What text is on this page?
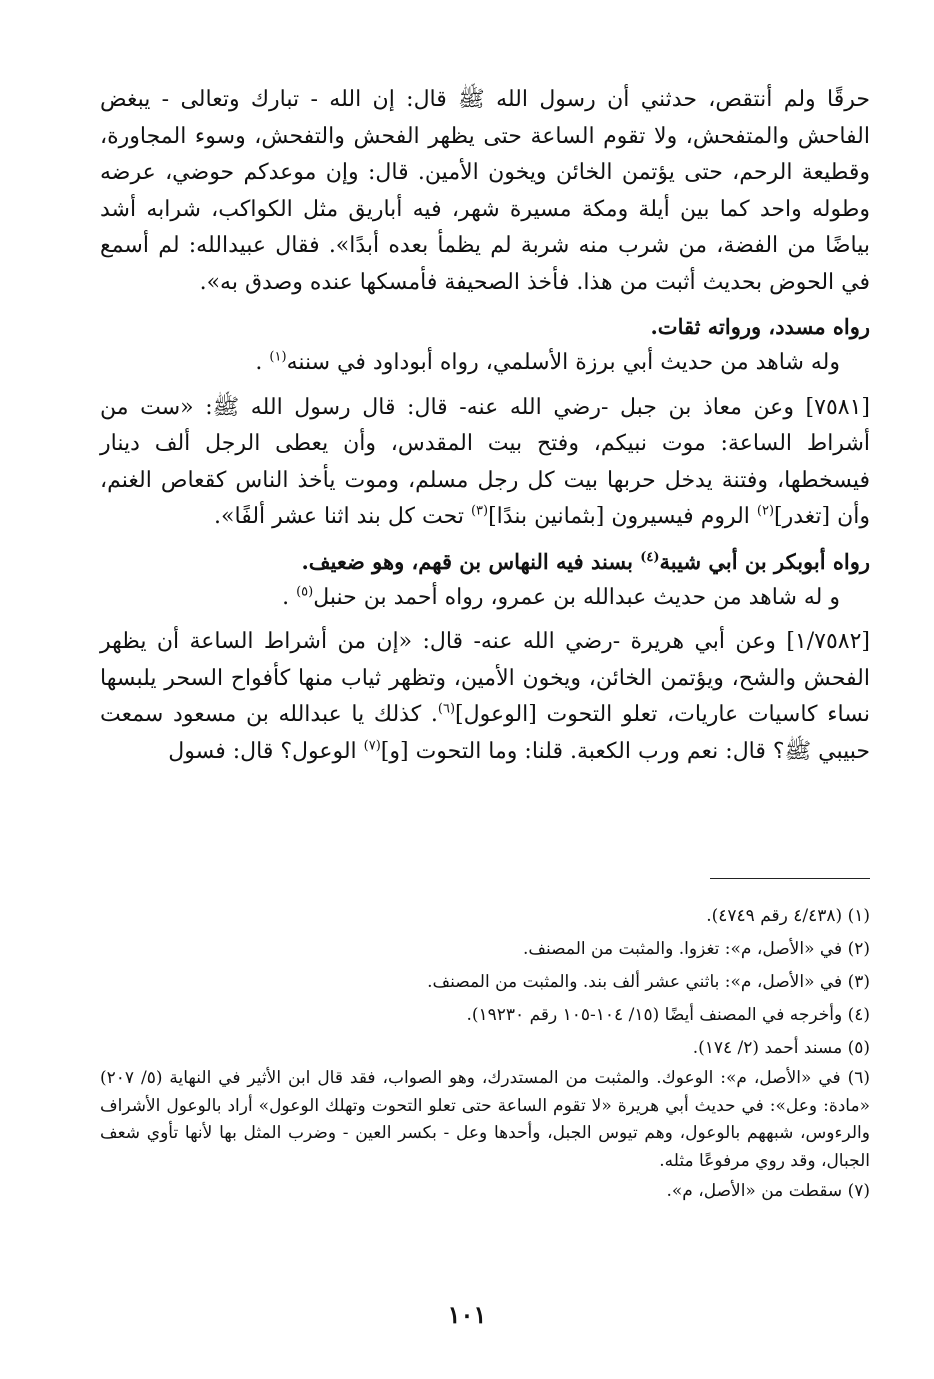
حرقًا ولم أنتقص، حدثني أن رسول الله ﷺ قال: إن الله - تبارك وتعالى - يبغض الفاحش والمتفحش، ولا تقوم الساعة حتى يظهر الفحش والتفحش، وسوء المجاورة، وقطيعة الرحم، حتى يؤتمن الخائن ويخون الأمين. قال: وإن موعدكم حوضي، عرضه وطوله واحد كما بين أيلة ومكة مسيرة شهر، فيه أباريق مثل الكواكب، شرابه أشد بياضًا من الفضة، من شرب منه شربة لم يظمأ بعده أبدًا». فقال عبيدالله: لم أسمع في الحوض بحديث أثبت من هذا. فأخذ الصحيفة فأمسكها عنده وصدق به».

رواه مسدد، ورواته ثقات.

وله شاهد من حديث أبي برزة الأسلمي، رواه أبوداود في سننه$^{(١)}$ .

[٧٥٨١] وعن معاذ بن جبل -رضي الله عنه- قال: قال رسول الله ﷺ: «ست من أشراط الساعة: موت نبيكم، وفتح بيت المقدس، وأن يعطى الرجل ألف دينار فيسخطها، وفتنة يدخل حربها بيت كل رجل مسلم، وموت يأخذ الناس كقعاص الغنم، وأن [تغدر]$^{(٢)}$ الروم فيسيرون [بثمانين بندًا]$^{(٣)}$ تحت كل بند اثنا عشر ألفًا».

رواه أبوبكر بن أبي شيبة$^{(٤)}$ بسند فيه النهاس بن قهم، وهو ضعيف.

و له شاهد من حديث عبدالله بن عمرو، رواه أحمد بن حنبل$^{(٥)}$ .

[١/٧٥٨٢] وعن أبي هريرة -رضي الله عنه- قال: «إن من أشراط الساعة أن يظهر الفحش والشح، ويؤتمن الخائن، ويخون الأمين، وتظهر ثياب منها كأفواح السحر يلبسها نساء كاسيات عاريات، تعلو التحوت [الوعول]$^{(٦)}$. كذلك يا عبدالله بن مسعود سمعت حبيبي ﷺ؟ قال: نعم ورب الكعبة. قلنا: وما التحوت [و]$^{(٧)}$ الوعول؟ قال: فسول

(١) (٤/٤٣٨ رقم ٤٧٤٩).

(٢) في «الأصل، م»: تغزوا. والمثبت من المصنف.

(٣) في «الأصل، م»: باثني عشر ألف بند. والمثبت من المصنف.

(٤) وأخرجه في المصنف أيضًا (١٥/ ١٠٤-١٠٥ رقم ١٩٢٣٠).

(٥) مسند أحمد (٢/ ١٧٤).

(٦) في «الأصل، م»: الوعوك. والمثبت من المستدرك، وهو الصواب، فقد قال ابن الأثير في النهاية (٥/ ٢٠٧) «مادة: وعل»: في حديث أبي هريرة «لا تقوم الساعة حتى تعلو التحوت وتهلك الوعول» أراد بالوعول الأشراف والرءوس، شبههم بالوعول، وهم تيوس الجبل، وأحدها وعل - بكسر العين - وضرب المثل بها لأنها تأوي شعف الجبال، وقد روي مرفوعًا مثله.

(٧) سقطت من «الأصل، م».

١٠١
